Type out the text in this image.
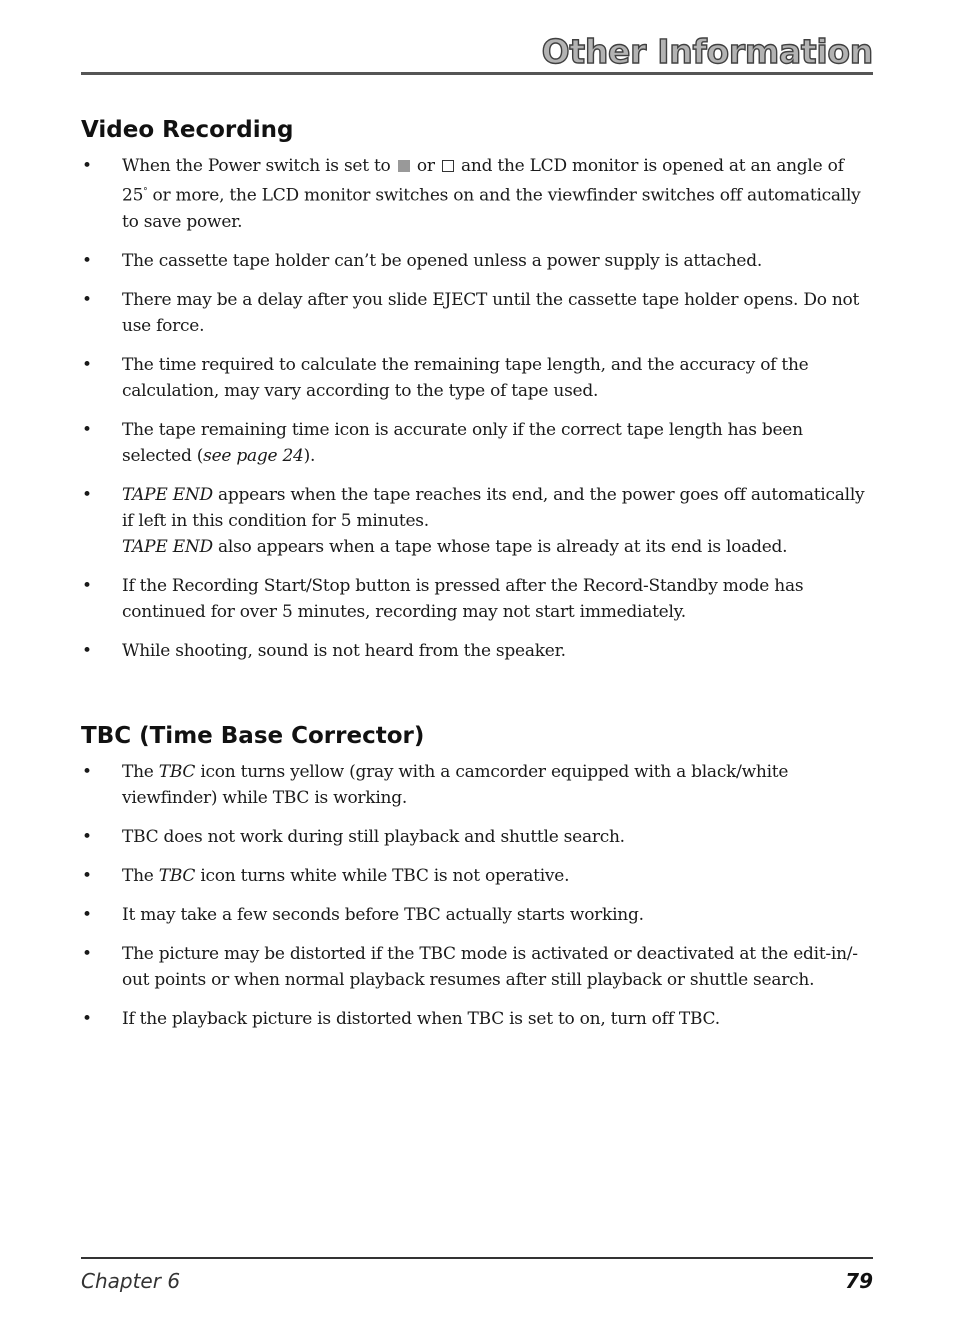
Other Information
Video Recording
• When the Power switch is set to or and the LCD monitor is opened at an angle of 25° or more, the LCD monitor switches on and the viewfinder switches off automatically to save power.
• The cassette tape holder can’t be opened unless a power supply is attached.
• There may be a delay after you slide EJECT until the cassette tape holder opens. Do not use force.
• The time required to calculate the remaining tape length, and the accuracy of the calculation, may vary according to the type of tape used.
• The tape remaining time icon is accurate only if the correct tape length has been selected (see page 24).
• TAPE END appears when the tape reaches its end, and the power goes off automatically if left in this condition for 5 minutes.

TAPE END also appears when a tape whose tape is already at its end is loaded.

• If the Recording Start/Stop button is pressed after the Record-Standby mode has continued for over 5 minutes, recording may not start immediately.
• While shooting, sound is not heard from the speaker.
TBC (Time Base Corrector)
• The TBC icon turns yellow (gray with a camcorder equipped with a black/white viewfinder) while TBC is working.
• TBC does not work during still playback and shuttle search.
• The TBC icon turns white while TBC is not operative.
• It may take a few seconds before TBC actually starts working.
• The picture may be distorted if the TBC mode is activated or deactivated at the edit-in/-out points or when normal playback resumes after still playback or shuttle search.
• If the playback picture is distorted when TBC is set to on, turn off TBC.
Chapter 6	79
